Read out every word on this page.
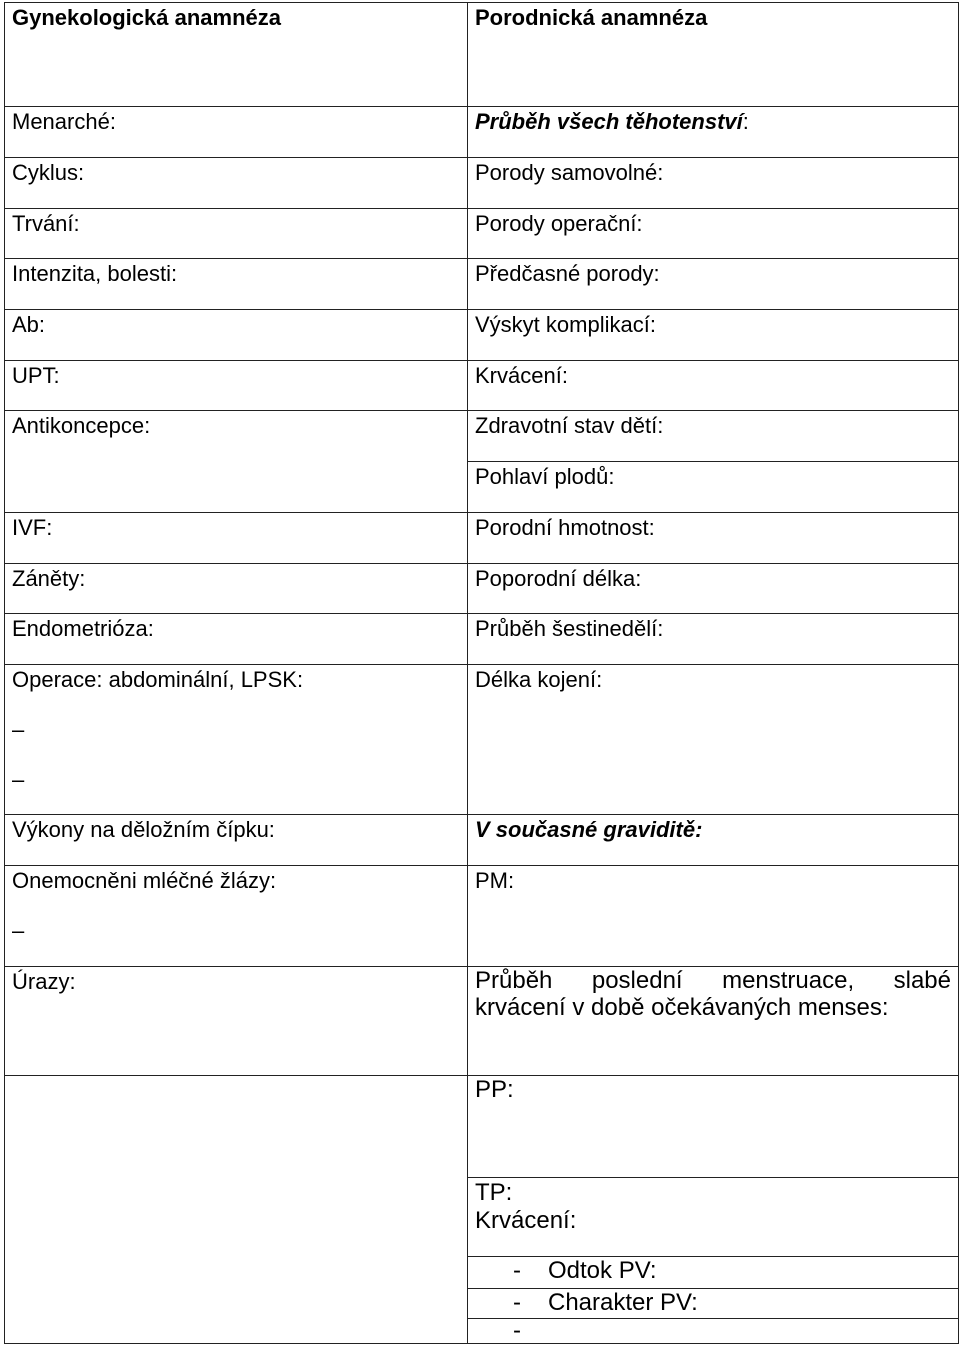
Gynekologická anamnéza
Menarché:
Cyklus:
Trvání:
Intenzita, bolesti:
Ab:
UPT:
Antikoncepce:
IVF:
Záněty:
Endometrióza:
Operace: abdominální, LPSK:
–
–
Výkony na děložním čípku:
Onemocněni mléčné žlázy:
–
Úrazy:
Porodnická anamnéza
Průběh všech těhotenství:
Porody samovolné:
Porody operační:
Předčasné porody:
Výskyt komplikací:
Krvácení:
Zdravotní stav dětí:
Pohlaví plodů:
Porodní hmotnost:
Poporodní délka:
Průběh šestinedělí:
Délka kojení:
V současné graviditě:
PM:
Průběh poslední menstruace, slabé
krvácení v době očekávaných menses:
PP:
TP:
Krvácení:
- Odtok PV:
- Charakter PV:
-
